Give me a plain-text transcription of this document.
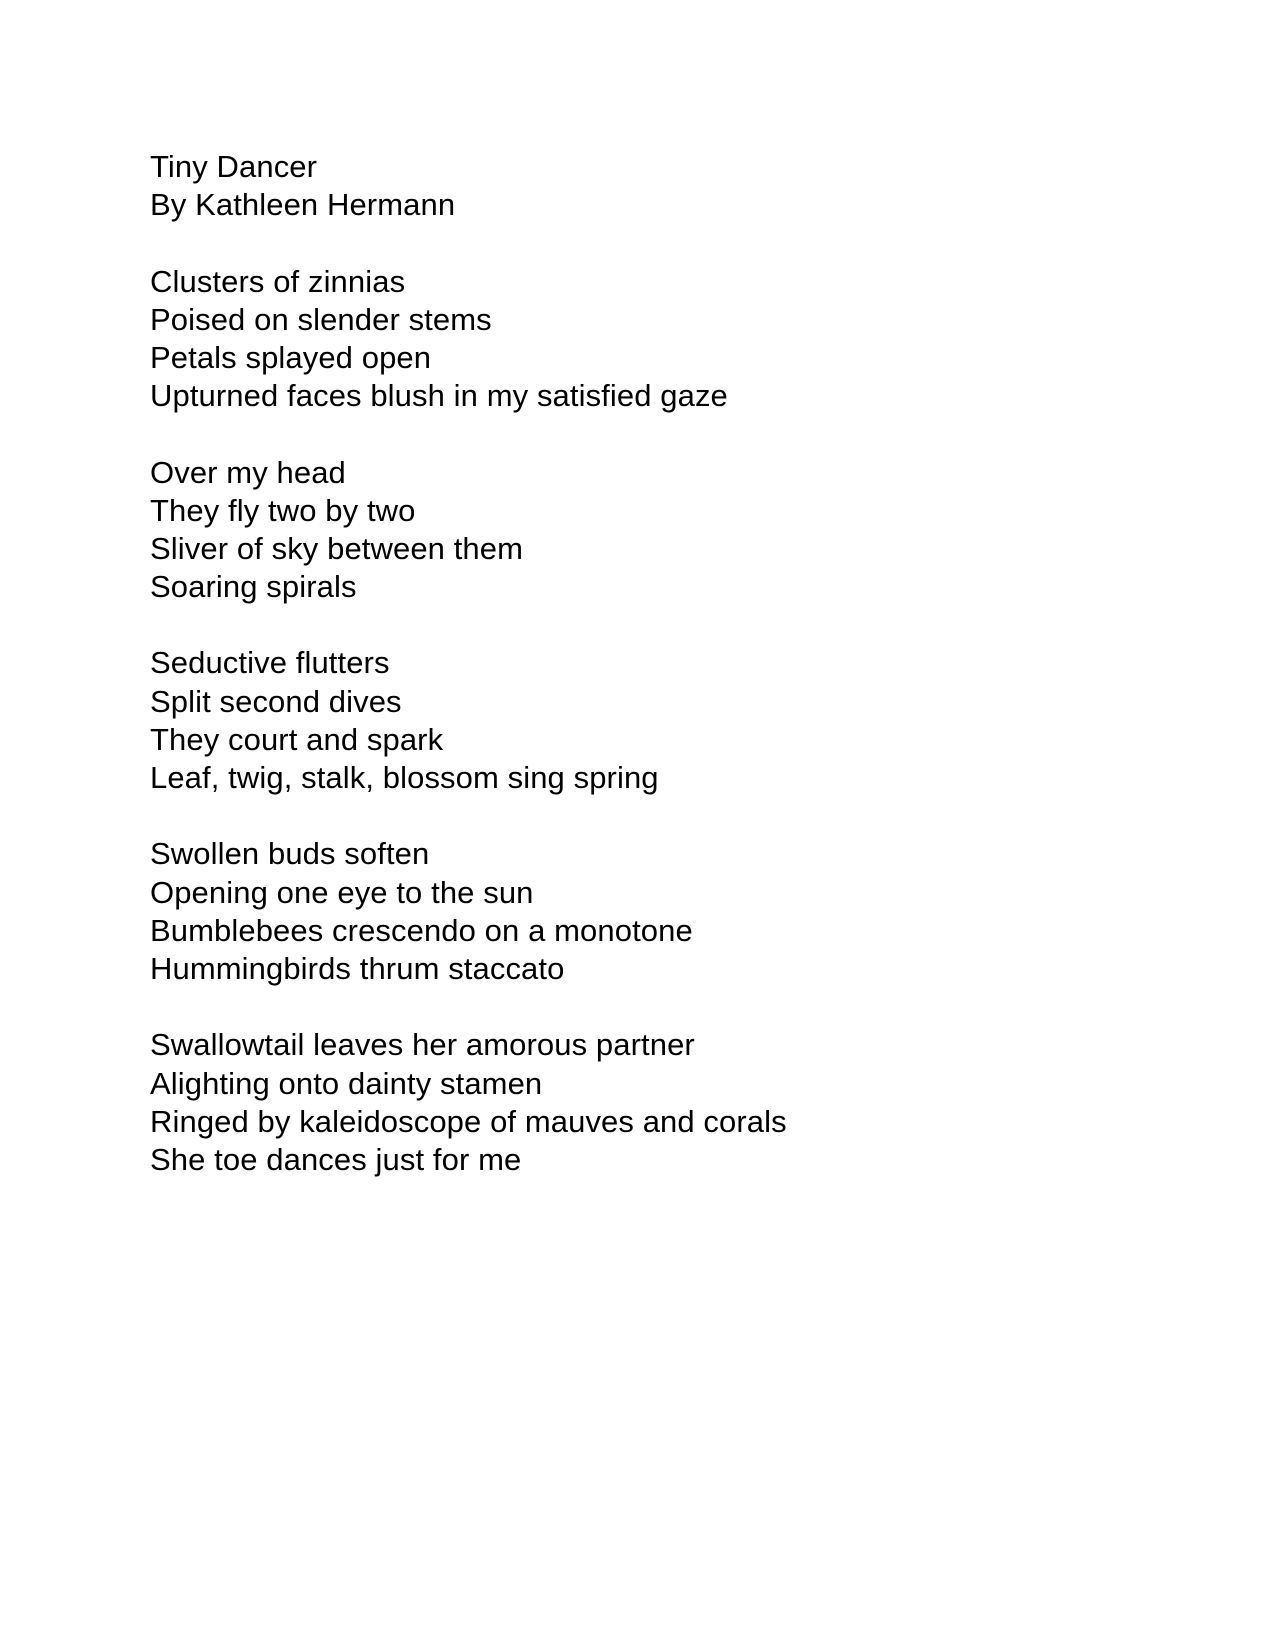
Tiny Dancer
By Kathleen Hermann
Clusters of zinnias
Poised on slender stems
Petals splayed open
Upturned faces blush in my satisfied gaze
Over my head
They fly two by two
Sliver of sky between them
Soaring spirals
Seductive flutters
Split second dives
They court and spark
Leaf, twig, stalk, blossom sing spring
Swollen buds soften
Opening one eye to the sun
Bumblebees crescendo on a monotone
Hummingbirds thrum staccato
Swallowtail leaves her amorous partner
Alighting onto dainty stamen
Ringed by kaleidoscope of mauves and corals
She toe dances just for me
